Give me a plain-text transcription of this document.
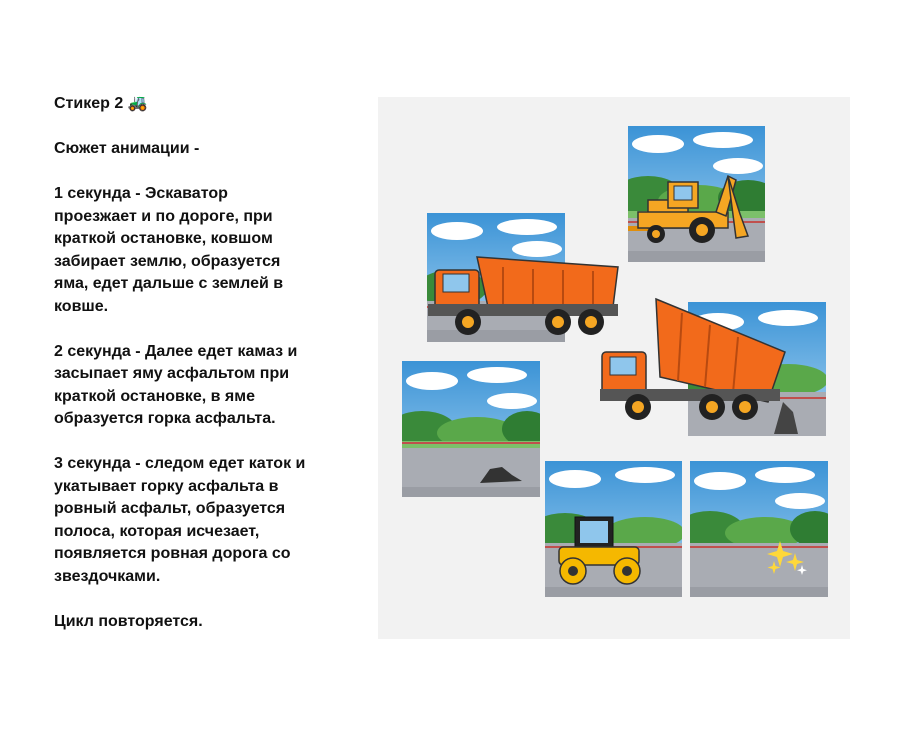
Стикер 2 🚜

Сюжет анимации -

1 секунда - Эскаватор
проезжает и по дороге, при
краткой остановке, ковшом
забирает землю, образуется
яма, едет дальше с землей в
ковше.

2 секунда - Далее едет камаз и
засыпает яму асфальтом при
краткой остановке, в яме
образуется горка асфальта.

3 секунда - следом едет каток и
укатывает горку асфальта в
ровный асфальт, образуется
полоса, которая исчезает,
появляется ровная дорога со
звездочками.

Цикл повторяется.
